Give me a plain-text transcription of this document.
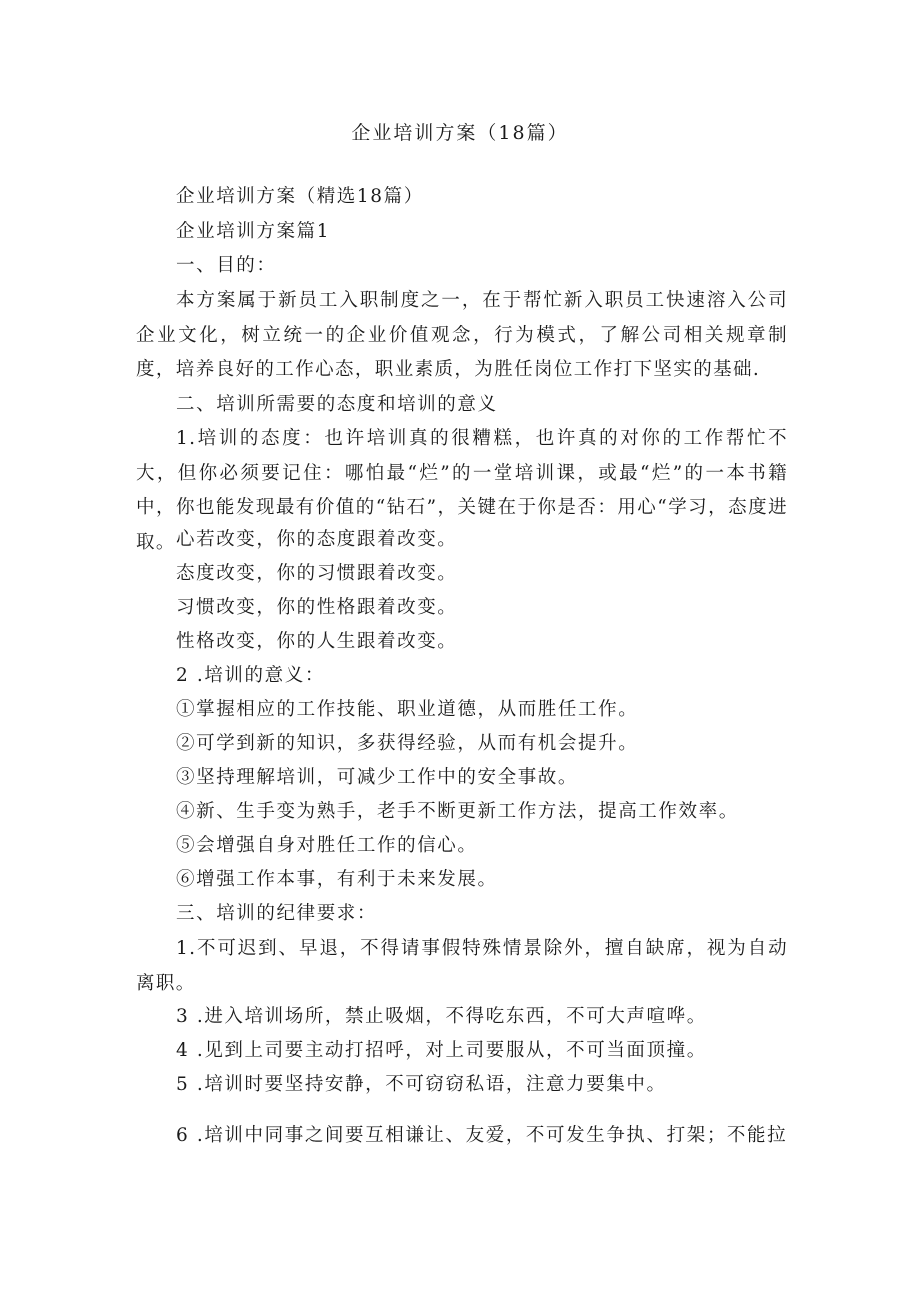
企业培训方案（18篇）
企业培训方案（精选18篇）
企业培训方案篇1
一、目的：
本方案属于新员工入职制度之一，在于帮忙新入职员工快速溶入公司企业文化，树立统一的企业价值观念，行为模式，了解公司相关规章制度，培养良好的工作心态，职业素质，为胜任岗位工作打下坚实的基础.
二、培训所需要的态度和培训的意义
1.培训的态度：也许培训真的很糟糕，也许真的对你的工作帮忙不大，但你必须要记住：哪怕最“烂”的一堂培训课，或最“烂”的一本书籍中，你也能发现最有价值的“钻石”，关键在于你是否：用心“学习，态度进取。 心若改变，你的态度跟着改变。
态度改变，你的习惯跟着改变。
习惯改变，你的性格跟着改变。
性格改变，你的人生跟着改变。
2 .培训的意义：
①掌握相应的工作技能、职业道德，从而胜任工作。
②可学到新的知识，多获得经验，从而有机会提升。
③坚持理解培训，可减少工作中的安全事故。
④新、生手变为熟手，老手不断更新工作方法，提高工作效率。
⑤会增强自身对胜任工作的信心。
⑥增强工作本事，有利于未来发展。
三、培训的纪律要求：
1.不可迟到、早退，不得请事假特殊情景除外，擅自缺席，视为自动离职。
3 .进入培训场所，禁止吸烟，不得吃东西，不可大声喧哗。
4 .见到上司要主动打招呼，对上司要服从，不可当面顶撞。
5 .培训时要坚持安静，不可窃窃私语，注意力要集中。
6 .培训中同事之间要互相谦让、友爱，不可发生争执、打架；不能拉
